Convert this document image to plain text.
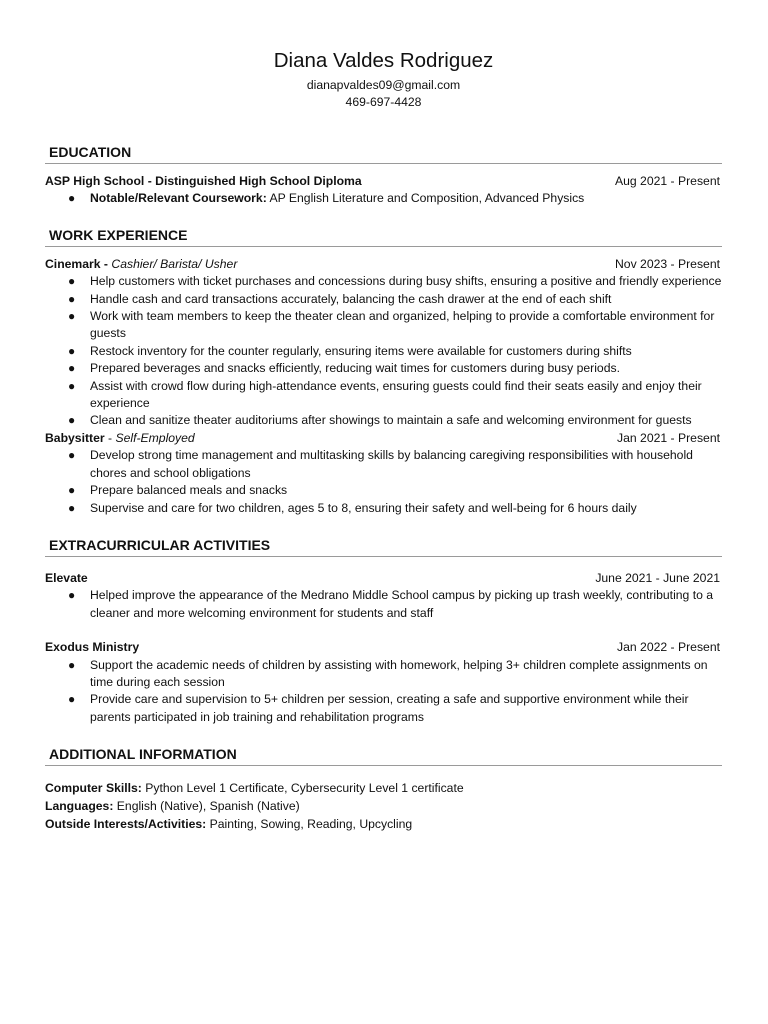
Diana Valdes Rodriguez
dianapvaldes09@gmail.com
469-697-4428
EDUCATION
ASP High School - Distinguished High School Diploma	Aug 2021 - Present
● Notable/Relevant Coursework: AP English Literature and Composition, Advanced Physics
WORK EXPERIENCE
Cinemark - Cashier/ Barista/ Usher	Nov 2023 - Present
● Help customers with ticket purchases and concessions during busy shifts, ensuring a positive and friendly experience
● Handle cash and card transactions accurately, balancing the cash drawer at the end of each shift
● Work with team members to keep the theater clean and organized, helping to provide a comfortable environment for guests
● Restock inventory for the counter regularly, ensuring items were available for customers during shifts
● Prepared beverages and snacks efficiently, reducing wait times for customers during busy periods.
● Assist with crowd flow during high-attendance events, ensuring guests could find their seats easily and enjoy their experience
● Clean and sanitize theater auditoriums after showings to maintain a safe and welcoming environment for guests
Babysitter - Self-Employed	Jan 2021 - Present
● Develop strong time management and multitasking skills by balancing caregiving responsibilities with household chores and school obligations
● Prepare balanced meals and snacks
● Supervise and care for two children, ages 5 to 8, ensuring their safety and well-being for 6 hours daily
EXTRACURRICULAR ACTIVITIES
Elevate	June 2021 - June 2021
● Helped improve the appearance of the Medrano Middle School campus by picking up trash weekly, contributing to a cleaner and more welcoming environment for students and staff
Exodus Ministry	Jan 2022 - Present
● Support the academic needs of children by assisting with homework, helping 3+ children complete assignments on time during each session
● Provide care and supervision to 5+ children per session, creating a safe and supportive environment while their parents participated in job training and rehabilitation programs
ADDITIONAL INFORMATION
Computer Skills: Python Level 1 Certificate, Cybersecurity Level 1 certificate
Languages: English (Native), Spanish (Native)
Outside Interests/Activities: Painting, Sowing, Reading, Upcycling
